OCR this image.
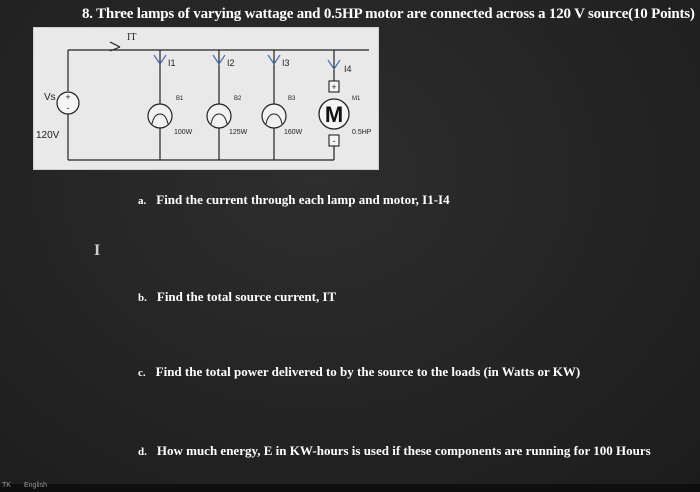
8. Three lamps of varying wattage and 0.5HP motor are connected across a 120 V source(10 Points)
+
-
+
M
-
IT
Vs
120V
I1	I2	I3
I4
B1	B2	B3	M1
100W	125W	160W	0.5HP
a. Find the current through each lamp and motor, I1-I4
I
b. Find the total source current, IT
c. Find the total power delivered to by the source to the loads (in Watts or KW)
d. How much energy, E in KW-hours is used if these components are running for 100 Hours
TK English
